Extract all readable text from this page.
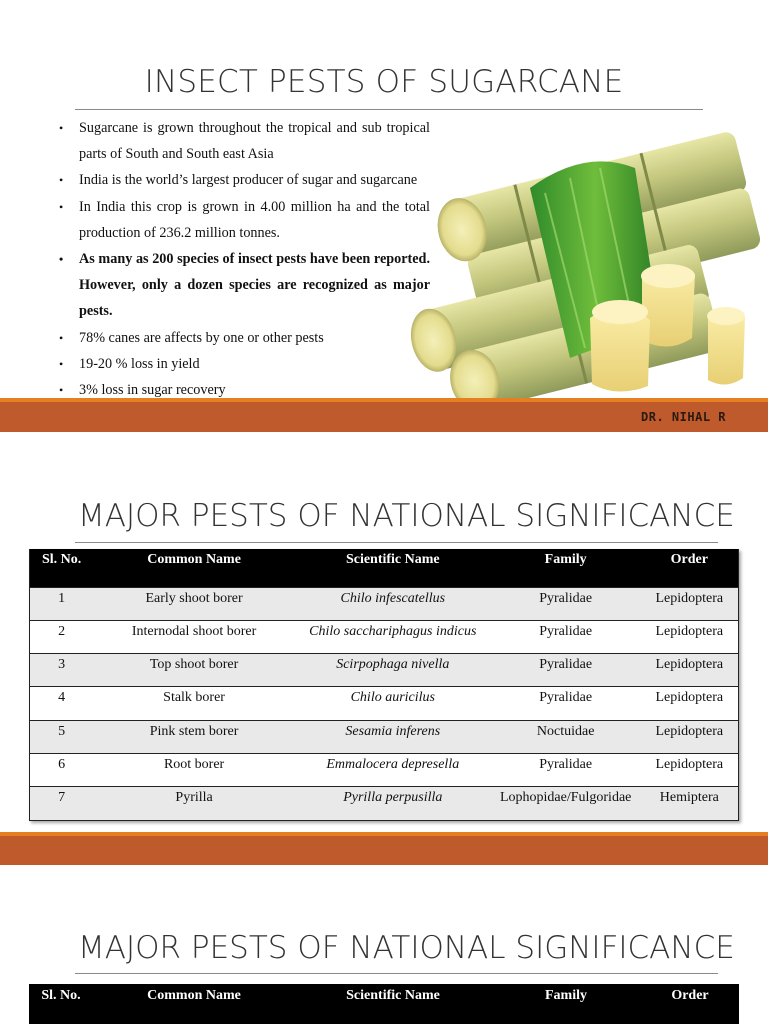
INSECT PESTS OF SUGARCANE
• Sugarcane is grown throughout the tropical and sub tropical parts of South and South east Asia
• India is the world’s largest producer of sugar and sugarcane
• In India this crop is grown in 4.00 million ha and the total production of 236.2 million tonnes.
• As many as 200 species of insect pests have been reported. However, only a dozen species are recognized as major pests.
• 78% canes are affects by one or other pests
• 19-20 % loss in yield
• 3% loss in sugar recovery
DR. NIHAL R
MAJOR PESTS OF NATIONAL SIGNIFICANCE
Sl. No.	Common Name	Scientific Name	Family	Order
1	Early shoot borer	Chilo infescatellus	Pyralidae	Lepidoptera
2	Internodal shoot borer	Chilo sacchariphagus indicus	Pyralidae	Lepidoptera
3	Top shoot borer	Scirpophaga nivella	Pyralidae	Lepidoptera
4	Stalk borer	Chilo auricilus	Pyralidae	Lepidoptera
5	Pink stem borer	Sesamia inferens	Noctuidae	Lepidoptera
6	Root borer	Emmalocera depresella	Pyralidae	Lepidoptera
7	Pyrilla	Pyrilla perpusilla	Lophopidae/Fulgoridae	Hemiptera
MAJOR PESTS OF NATIONAL SIGNIFICANCE
Sl. No.	Common Name	Scientific Name	Family	Order
